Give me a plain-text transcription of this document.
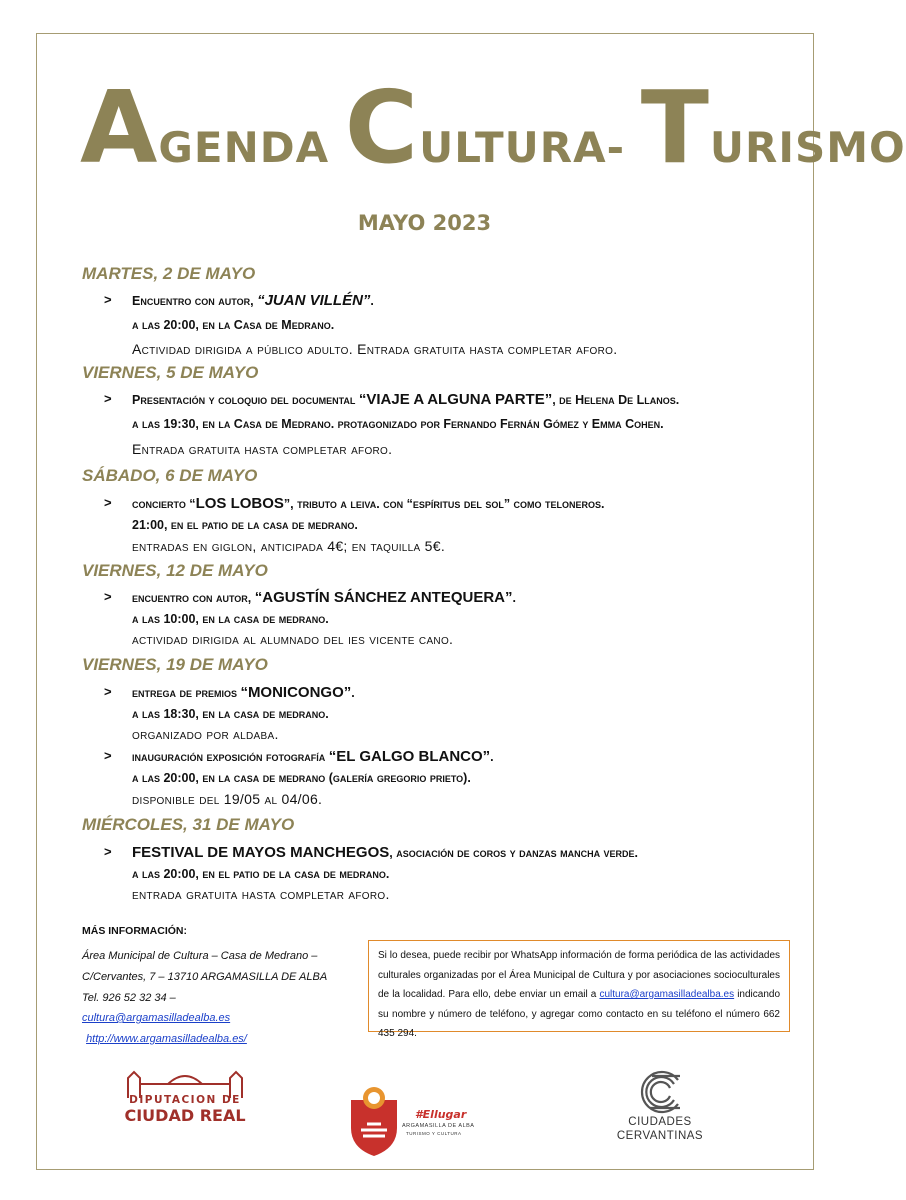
AGENDA CULTURA- TURISMO
MAYO 2023
MARTES, 2 DE MAYO
VIERNES, 5 DE MAYO
SÁBADO, 6 DE MAYO
VIERNES, 12 DE MAYO
VIERNES, 19 DE MAYO
MIÉRCOLES, 31 DE MAYO
> Encuentro con autor, “JUAN VILLÉN”.
a las 20:00, en la Casa de Medrano.
Actividad dirigida a público adulto. Entrada gratuita hasta completar aforo.
> Presentación y coloquio del documental “VIAJE A ALGUNA PARTE”, de Helena De Llanos.
a las 19:30, en la Casa de Medrano. protagonizado por Fernando Fernán Gómez y Emma Cohen.
Entrada gratuita hasta completar aforo.
> concierto “LOS LOBOS”, tributo a leiva. con “espíritus del sol” como teloneros.
21:00, en el patio de la casa de medrano.
entradas en giglon, anticipada 4€; en taquilla 5€.
> encuentro con autor, “AGUSTÍN SÁNCHEZ ANTEQUERA”.
a las 10:00, en la casa de medrano.
actividad dirigida al alumnado del ies vicente cano.
> entrega de premios “MONICONGO”.
a las 18:30, en la casa de medrano.
organizado por aldaba.
> inauguración exposición fotografía “EL GALGO BLANCO”.
a las 20:00, en la casa de medrano (galería gregorio prieto).
disponible del 19/05 al 04/06.
> FESTIVAL DE MAYOS MANCHEGOS, asociación de coros y danzas mancha verde.
a las 20:00, en el patio de la casa de medrano.
entrada gratuita hasta completar aforo.
MÁS INFORMACIÓN:
Área Municipal de Cultura – Casa de Medrano –
C/Cervantes, 7 – 13710 ARGAMASILLA DE ALBA
Tel. 926 52 32 34 –
cultura@argamasilladealba.es
http://www.argamasilladealba.es/
Si lo desea, puede recibir por WhatsApp información de forma periódica de las actividades culturales organizadas por el Área Municipal de Cultura y por asociaciones socioculturales de la localidad. Para ello, debe enviar un email a cultura@argamasilladealba.es indicando su nombre y número de teléfono, y agregar como contacto en su teléfono el número 662 435 294.
DIPUTACION DE
CIUDAD REAL	#Ellugar
ARGAMASILLA DE ALBA
TURISMO Y CULTURA
CIUDADES
CERVANTINAS
